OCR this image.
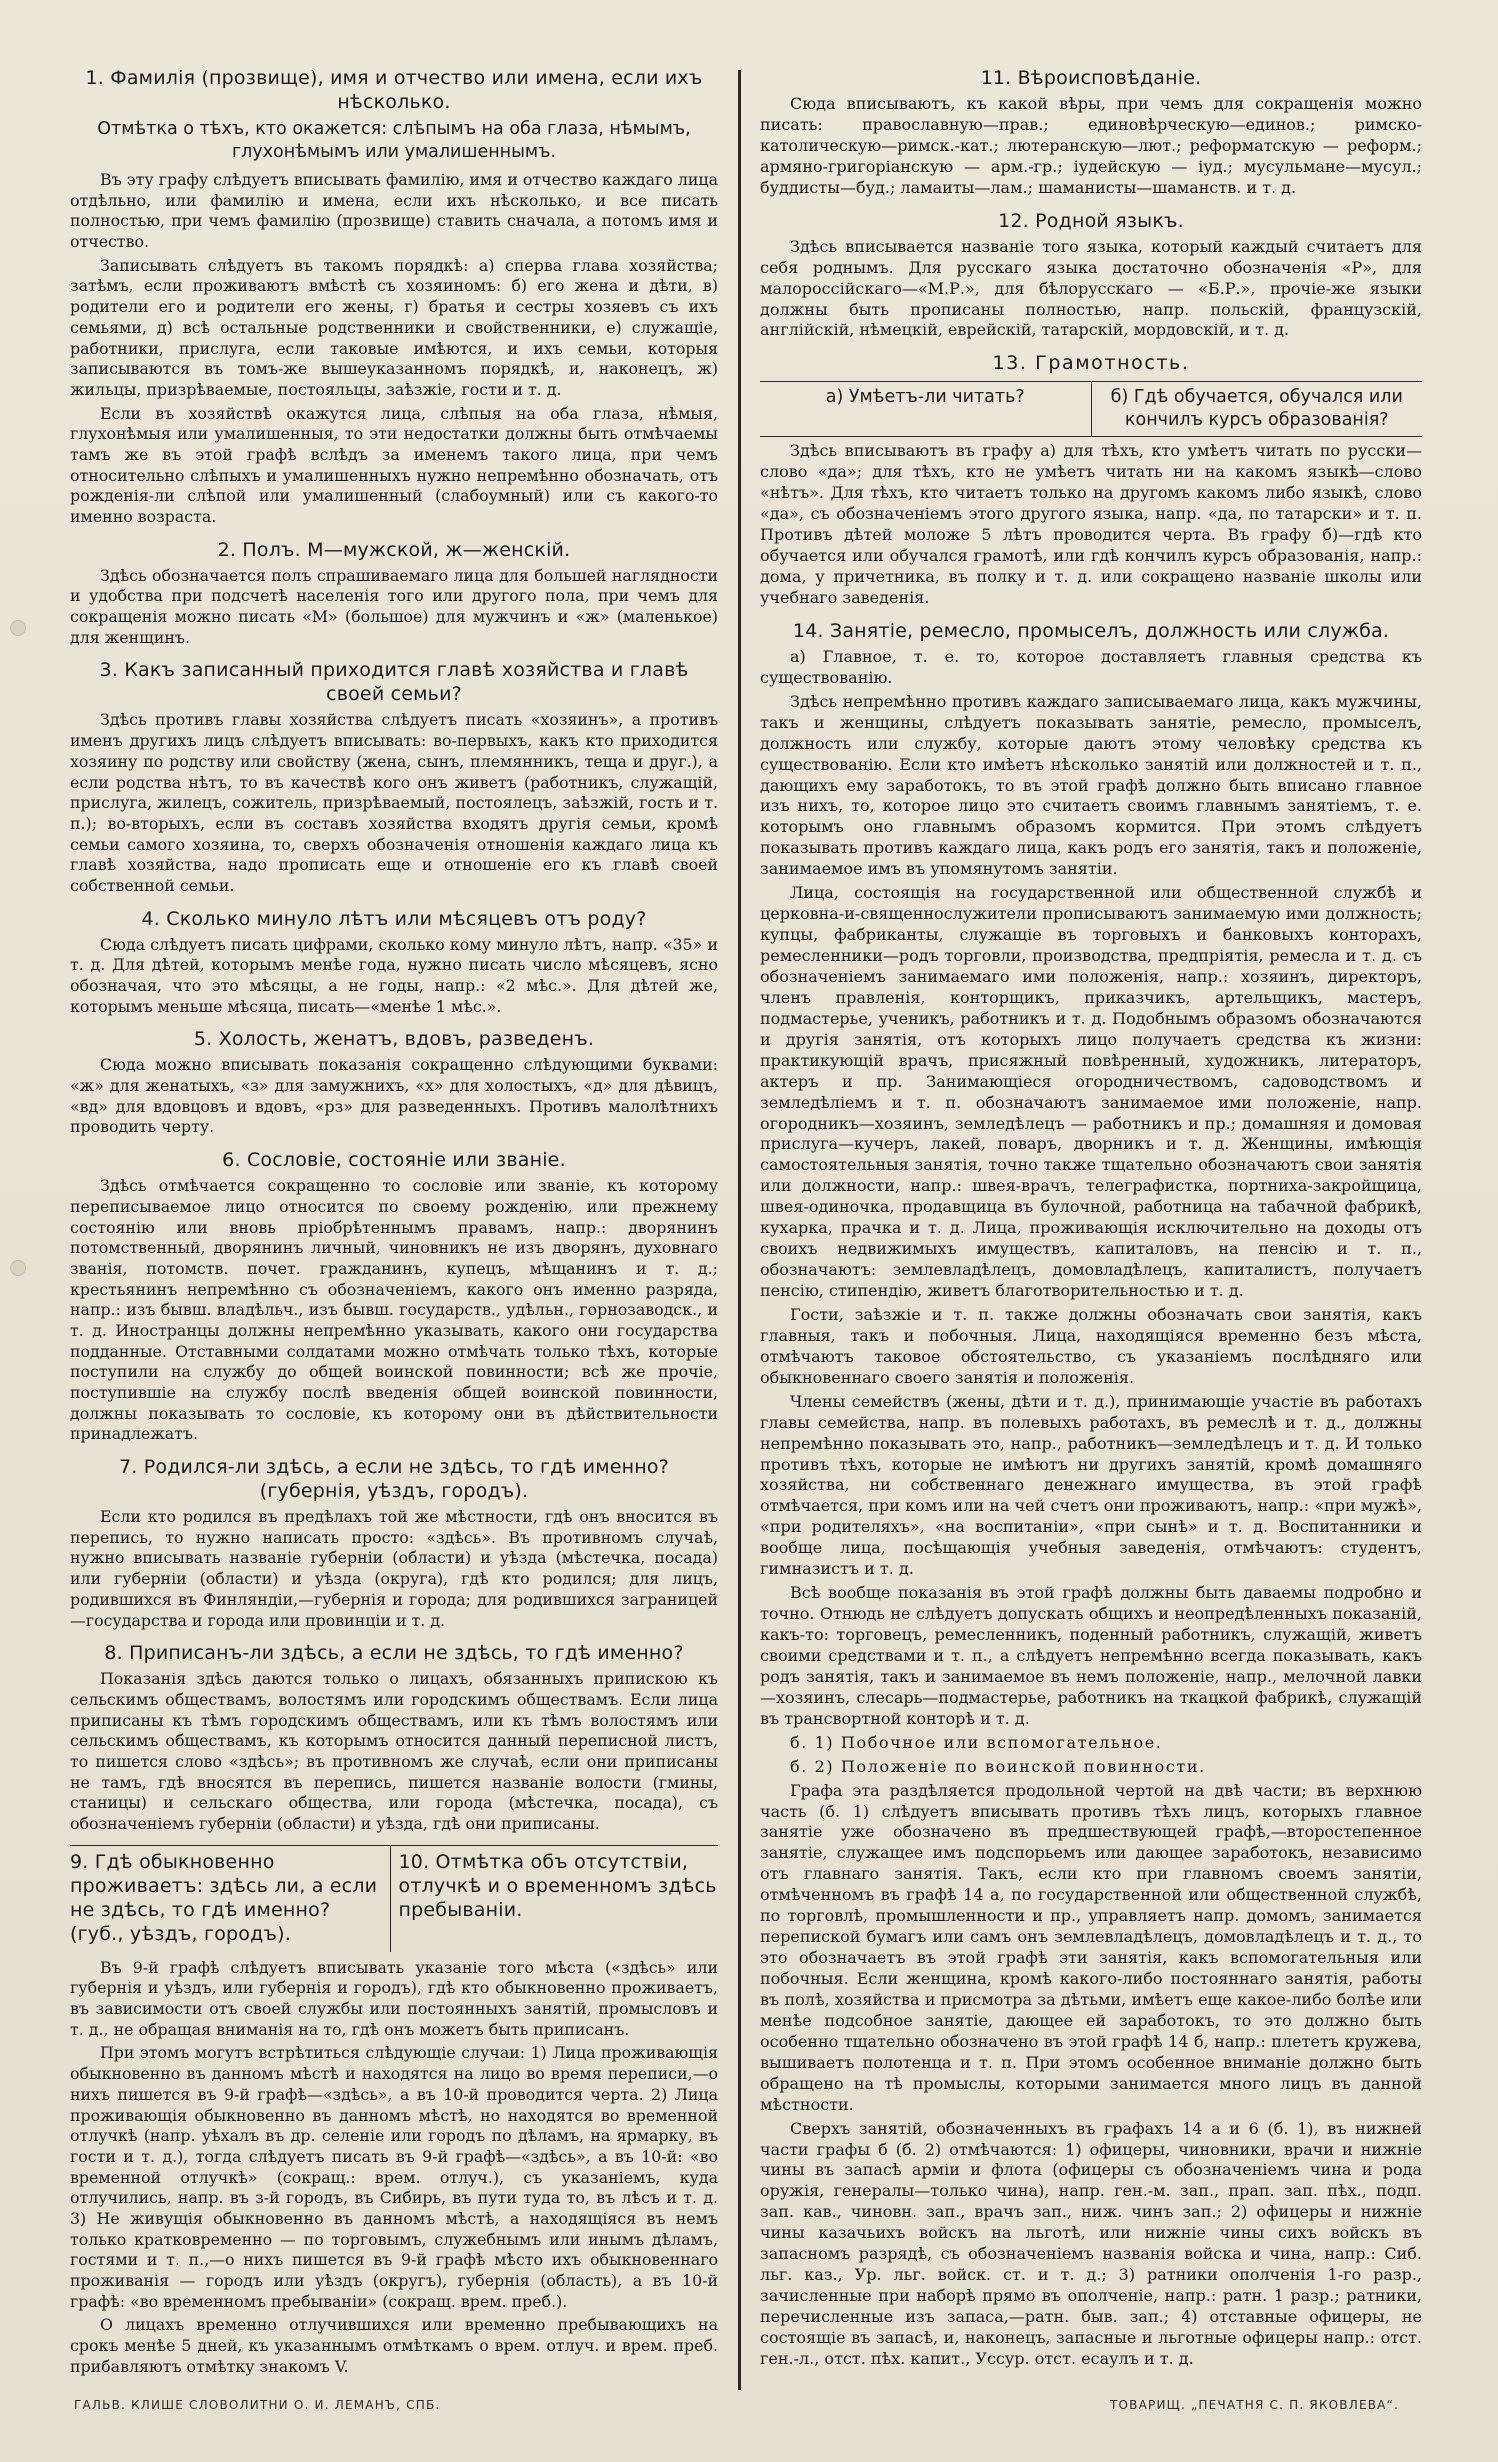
1. Фамилія (прозвище), имя и отчество или имена, если ихъ нѣсколько.
Отмѣтка о тѣхъ, кто окажется: слѣпымъ на оба глаза, нѣмымъ, глухонѣмымъ или умалишеннымъ.

Въ эту графу слѣдуетъ вписывать фамилію, имя и отчество каждаго лица отдѣльно, или фамилію и имена, если ихъ нѣсколько, и все писать полностью, при чемъ фамилію (прозвище) ставить сначала, а потомъ имя и отчество.

Записывать слѣдуетъ въ такомъ порядкѣ: а) сперва главa хозяйства; затѣмъ, если проживаютъ вмѣстѣ съ хозяиномъ: б) его жена и дѣти, в) родители его и родители его жены, г) братья и сестры хозяевъ съ ихъ семьями, д) всѣ остальные родственники и свойственники, е) служащіе, работники, прислуга, если таковые имѣются, и ихъ семьи, которыя записываются въ томъ-же вышеуказанномъ порядкѣ, и, наконецъ, ж) жильцы, призрѣваемые, постояльцы, заѣзжіе, гости и т. д.

Если въ хозяйствѣ окажутся лица, слѣпыя на оба глаза, нѣмыя, глухонѣмыя или умалишенныя, то эти недостатки должны быть отмѣчаемы тамъ же въ этой графѣ вслѣдъ за именемъ такого лица, при чемъ относительно слѣпыхъ и умалишенныхъ нужно непремѣнно обозначать, отъ рожденія-ли слѣпой или умалишенный (слабоумный) или съ какого-то именно возраста.

2. Полъ. М—мужской, ж—женскій.

Здѣсь обозначается полъ спрашиваемаго лица для большей наглядности и удобства при подсчетѣ населенія того или другого пола, при чемъ для сокращенія можно писать «М» (большое) для мужчинъ и «ж» (маленькое) для женщинъ.

3. Какъ записанный приходится главѣ хозяйства и главѣ своей семьи?

Здѣсь противъ главы хозяйства слѣдуетъ писать «хозяинъ», а противъ именъ другихъ лицъ слѣдуетъ вписывать: во-первыхъ, какъ кто приходится хозяину по родству или свойству (жена, сынъ, племянникъ, теща и друг.), а если родства нѣтъ, то въ качествѣ кого онъ живетъ (работникъ, служащій, прислуга, жилецъ, сожитель, призрѣваемый, постоялецъ, заѣзжій, гость и т. п.); во-вторыхъ, если въ составъ хозяйства входятъ другія семьи, кромѣ семьи самого хозяина, то, сверхъ обозначенія отношенія каждаго лица къ главѣ хозяйства, надо прописать еще и отношеніе его къ главѣ своей собственной семьи.

4. Сколько минуло лѣтъ или мѣсяцевъ отъ роду?

Сюда слѣдуетъ писать цифрами, сколько кому минуло лѣтъ, напр. «35» и т. д. Для дѣтей, которымъ менѣе года, нужно писать число мѣсяцевъ, ясно обозначая, что это мѣсяцы, а не годы, напр.: «2 мѣс.». Для дѣтей же, которымъ меньше мѣсяца, писать—«менѣе 1 мѣс.».

5. Холость, женатъ, вдовъ, разведенъ.

Сюда можно вписывать показанія сокращенно слѣдующими буквами: «ж» для женатыхъ, «з» для замужнихъ, «х» для холостыхъ, «д» для дѣвицъ, «вд» для вдовцовъ и вдовъ, «рз» для разведенныхъ. Противъ малолѣтнихъ проводить черту.

6. Сословіе, состояніе или званіе.

Здѣсь отмѣчается сокращенно то сословіе или званіе, къ которому переписываемое лицо относится по своему рожденію, или прежнему состоянію или вновь пріобрѣтеннымъ правамъ, напр.: дворянинъ потомственный, дворянинъ личный, чиновникъ не изъ дворянъ, духовнаго званія, потомств. почет. гражданинъ, купецъ, мѣщанинъ и т. д.; крестьянинъ непремѣнно съ обозначеніемъ, какого онъ именно разряда, напр.: изъ бывш. владѣльч., изъ бывш. государств., удѣльн., горнозаводск., и т. д. Иностранцы должны непремѣнно указывать, какого они государства подданные. Отставными солдатами можно отмѣчать только тѣхъ, которые поступили на службу до общей воинской повинности; всѣ же прочіе, поступившіе на службу послѣ введенія общей воинской повинности, должны показывать то сословіе, къ которому они въ дѣйствительности принадлежатъ.

7. Родился-ли здѣсь, а если не здѣсь, то гдѣ именно? (губернія, уѣздъ, городъ).

Если кто родился въ предѣлахъ той же мѣстности, гдѣ онъ вносится въ перепись, то нужно написать просто: «здѣсь». Въ противномъ случаѣ, нужно вписывать названіе губерніи (области) и уѣзда (мѣстечка, посада) или губерніи (области) и уѣзда (округа), гдѣ кто родился; для лицъ, родившихся въ Финляндіи,—губернія и города; для родившихся заграницей—государства и города или провинціи и т. д.

8. Приписанъ-ли здѣсь, а если не здѣсь, то гдѣ именно?

Показанія здѣсь даются только о лицахъ, обязанныхъ припискою къ сельскимъ обществамъ, волостямъ или городскимъ обществамъ. Если лица приписаны къ тѣмъ городскимъ обществамъ, или къ тѣмъ волостямъ или сельскимъ обществамъ, къ которымъ относится данный переписной листъ, то пишется слово «здѣсь»; въ противномъ же случаѣ, если они приписаны не тамъ, гдѣ вносятся въ перепись, пишется названіе волости (гмины, станицы) и сельскаго общества, или города (мѣстечка, посада), съ обозначеніемъ губерніи (области) и уѣзда, гдѣ они приписаны.

9. Гдѣ обыкновенно проживаетъ: здѣсь ли, а если не здѣсь, то гдѣ именно? (губ., уѣздъ, городъ).
10. Отмѣтка объ отсутствіи, отлучкѣ и о временномъ здѣсь пребываніи.

Въ 9-й графѣ слѣдуетъ вписывать указаніе того мѣста («здѣсь» или губернія и уѣздъ, или губернія и городъ), гдѣ кто обыкновенно проживаетъ, въ зависимости отъ своей службы или постоянныхъ занятій, промысловъ и т. д., не обращая вниманія на то, гдѣ онъ можетъ быть приписанъ.

При этомъ могутъ встрѣтиться слѣдующіе случаи: 1) Лица проживающія обыкновенно въ данномъ мѣстѣ и находятся на лицо во время переписи,—о нихъ пишется въ 9-й графѣ—«здѣсь», а въ 10-й проводится черта. 2) Лица проживающія обыкновенно въ данномъ мѣстѣ, но находятся во временной отлучкѣ (напр. уѣхалъ въ др. селеніе или городъ по дѣламъ, на ярмарку, въ гости и т. д.), тогда слѣдуетъ писать въ 9-й графѣ—«здѣсь», а въ 10-й: «во временной отлучкѣ» (сокращ.: врем. отлуч.), съ указаніемъ, куда отлучились, напр. въ з-й городъ, въ Сибирь, въ пути туда то, въ лѣсъ и т. д. 3) Не живущія обыкновенно въ данномъ мѣстѣ, а находящіяся въ немъ только кратковременно — по торговымъ, служебнымъ или инымъ дѣламъ, гостями и т. п.,—о нихъ пишется въ 9-й графѣ мѣсто ихъ обыкновеннаго проживанія — городъ или уѣздъ (округъ), губернія (область), а въ 10-й графѣ: «во временномъ пребываніи» (сокращ. врем. преб.).

О лицахъ временно отлучившихся или временно пребывающихъ на срокъ менѣе 5 дней, къ указаннымъ отмѣткамъ о врем. отлуч. и врем. преб. прибавляютъ отмѣтку знакомъ V.

11. Вѣроисповѣданіе.

Сюда вписываютъ, къ какой вѣры, при чемъ для сокращенія можно писать: православную—прав.; единовѣрческую—единов.; римско-католическую—римск.-кат.; лютеранскую—лют.; реформатскую — реформ.; армяно-григоріанскую — арм.-гр.; іудейскую — іуд.; мусульманe—мусул.; буддисты—буд.; ламаиты—лам.; шаманисты—шаманств. и т. д.

12. Родной языкъ.

Здѣсь вписывается названіе того языка, который каждый считаетъ для себя роднымъ. Для русскаго языка достаточно обозначенія «Р», для малороссійскаго—«М.Р.», для бѣлорусскаго — «Б.Р.», прочіе-же языки должны быть прописаны полностью, напр. польскій, французскій, англійскій, нѣмецкій, еврейскій, татарскій, мордовскій, и т. д.

13. Грамотность.
а) Умѣетъ-ли читать?	б) Гдѣ обучается, обучался или кончилъ курсъ образованія?

Здѣсь вписываютъ въ графу а) для тѣхъ, кто умѣетъ читать по русски—слово «да»; для тѣхъ, кто не умѣетъ читать ни на какомъ языкѣ—слово «нѣтъ». Для тѣхъ, кто читаетъ только на другомъ какомъ либо языкѣ, слово «да», съ обозначеніемъ этого другого языка, напр. «да, по татарски» и т. п. Противъ дѣтей моложе 5 лѣтъ проводится черта. Въ графу б)—гдѣ кто обучается или обучался грамотѣ, или гдѣ кончилъ курсъ образованія, напр.: дома, у причетника, въ полку и т. д. или сокращено названіе школы или учебнаго заведенія.

14. Занятіе, ремесло, промыселъ, должность или служба.

а) Главное, т. е. то, которое доставляетъ главныя средства къ существованію.

Здѣсь непремѣнно противъ каждаго записываемаго лица, какъ мужчины, такъ и женщины, слѣдуетъ показывать занятіе, ремесло, промыселъ, должность или службу, которые даютъ этому человѣку средства къ существованію. Если кто имѣетъ нѣсколько занятій или должностей и т. п., дающихъ ему заработокъ, то въ этой графѣ должно быть вписано главное изъ нихъ, то, которое лицо это считаетъ своимъ главнымъ занятіемъ, т. е. которымъ оно главнымъ образомъ кормится. При этомъ слѣдуетъ показывать противъ каждаго лица, какъ родъ его занятія, такъ и положеніе, занимаемое имъ въ упомянутомъ занятіи.

Лица, состоящія на государственной или общественной службѣ и церковна-и-священнослужители прописываютъ занимаемую ими должность; купцы, фабриканты, служащіе въ торговыхъ и банковыхъ конторахъ, ремесленники—родъ торговли, производства, предпріятія, ремесла и т. д. съ обозначеніемъ занимаемаго ими положенія, напр.: хозяинъ, директоръ, членъ правленія, конторщикъ, приказчикъ, артельщикъ, мастеръ, подмастерье, ученикъ, работникъ и т. д. Подобнымъ образомъ обозначаются и другія занятія, отъ которыхъ лицо получаетъ средства къ жизни: практикующій врачъ, присяжный повѣренный, художникъ, литераторъ, актеръ и пр. Занимающіеся огородничествомъ, садоводствомъ и земледѣліемъ и т. п. обозначаютъ занимаемое ими положеніе, напр. огородникъ—хозяинъ, земледѣлецъ — работникъ и пр.; домашняя и домовая прислуга—кучеръ, лакей, поваръ, дворникъ и т. д. Женщины, имѣющія самостоятельныя занятія, точно также тщательно обозначаютъ свои занятія или должности, напр.: швея-врачъ, телеграфистка, портниха-закройщица, швея-одиночка, продавщица въ булочной, работница на табачной фабрикѣ, кухарка, прачка и т. д. Лица, проживающія исключительно на доходы отъ своихъ недвижимыхъ имуществъ, капиталовъ, на пенсію и т. п., обозначаютъ: землевладѣлецъ, домовладѣлецъ, капиталистъ, получаетъ пенсію, стипендію, живетъ благотворительностью и т. д.

Гости, заѣзжіе и т. п. также должны обозначать свои занятія, какъ главныя, такъ и побочныя. Лица, находящіяся временно безъ мѣста, отмѣчаютъ таковое обстоятельство, съ указаніемъ послѣдняго или обыкновеннаго своего занятія и положенія.

Члены семействъ (жены, дѣти и т. д.), принимающіе участіе въ работахъ главы семейства, напр. въ полевыхъ работахъ, въ ремеслѣ и т. д., должны непремѣнно показывать это, напр., работникъ—земледѣлецъ и т. д. И только противъ тѣхъ, которые не имѣютъ ни другихъ занятій, кромѣ домашняго хозяйства, ни собственнаго денежнаго имущества, въ этой графѣ отмѣчается, при комъ или на чей счетъ они проживаютъ, напр.: «при мужѣ», «при родителяхъ», «на воспитаніи», «при сынѣ» и т. д. Воспитанники и вообще лица, посѣщающія учебныя заведенія, отмѣчаютъ: студентъ, гимназистъ и т. д.

Всѣ вообще показанія въ этой графѣ должны быть даваемы подробно и точно. Отнюдь не слѣдуетъ допускать общихъ и неопредѣленныхъ показаній, какъ-то: торговецъ, ремесленникъ, поденный работникъ, служащій, живетъ своими средствами и т. п., а слѣдуетъ непремѣнно всегда показывать, какъ родъ занятія, такъ и занимаемое въ немъ положеніе, напр., мелочной лавки—хозяинъ, слесарь—подмастерье, работникъ на ткацкой фабрикѣ, служащій въ трансвортной конторѣ и т. д.

б. 1) Побочное или вспомогательное.

б. 2) Положеніе по воинской повинности.

Графа эта раздѣляется продольной чертой на двѣ части; въ верхнюю часть (б. 1) слѣдуетъ вписывать противъ тѣхъ лицъ, которыхъ главное занятіе уже обозначено въ предшествующей графѣ,—второстепенное занятіе, служащее имъ подспорьемъ или дающее заработокъ, независимо отъ главнаго занятія. Такъ, если кто при главномъ своемъ занятіи, отмѣченномъ въ графѣ 14 а, по государственной или общественной службѣ, по торговлѣ, промышленности и пр., управляетъ напр. домомъ, занимается перепиской бумагъ или самъ онъ землевладѣлецъ, домовладѣлецъ и т. д., то это обозначаетъ въ этой графѣ эти занятія, какъ вспомогательныя или побочныя. Если женщина, кромѣ какого-либо постояннаго занятія, работы въ полѣ, хозяйства и присмотра за дѣтьми, имѣетъ еще какое-либо болѣе или менѣе подсобное занятіе, дающее ей заработокъ, то это должно быть особенно тщательно обозначено въ этой графѣ 14 б, напр.: плететъ кружева, вышиваетъ полотенца и т. п. При этомъ особенное вниманіе должно быть обращено на тѣ промыслы, которыми занимается много лицъ въ данной мѣстности.

Сверхъ занятій, обозначенныхъ въ графахъ 14 а и 6 (б. 1), въ нижней части графы б (б. 2) отмѣчаются: 1) офицеры, чиновники, врачи и нижніе чины въ запасѣ арміи и флота (офицеры съ обозначеніемъ чина и рода оружія, генералы—только чина), напр. ген.-м. зап., прап. зап. пѣх., подп. зап. кав., чиновн. зап., врачъ зап., ниж. чинъ зап.; 2) офицеры и нижніе чины казачьихъ войскъ на льготѣ, или нижніе чины сихъ войскъ въ запасномъ разрядѣ, съ обозначеніемъ названія войска и чина, напр.: Сиб. льг. каз., Ур. льг. войск. ст. и т. д.; 3) ратники ополченія 1-го разр., зачисленные при наборѣ прямо въ ополченіе, напр.: ратн. 1 разр.; ратники, перечисленные изъ запаса,—ратн. быв. зап.; 4) отставные офицеры, не состоящіе въ запасѣ, и, наконецъ, запасные и льготные офицеры напр.: отст. ген.-л., отст. пѣх. капит., Уссур. отст. есаулъ и т. д.

ГАЛЬВ. КЛИШЕ СЛОВОЛИТНИ О. И. ЛЕМАНЪ, СПБ.	ТОВАРИЩ. „ПЕЧАТНЯ С. П. ЯКОВЛЕВА“.
